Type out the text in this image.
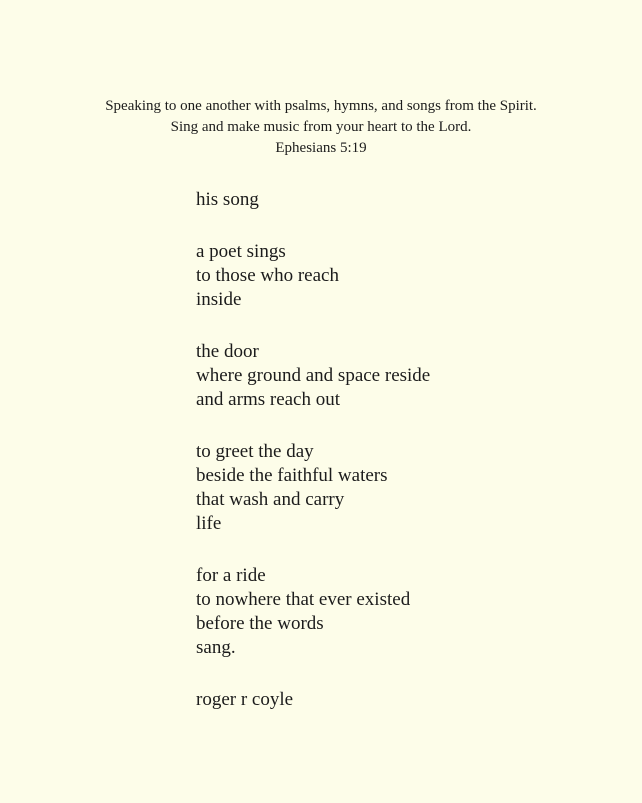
Speaking to one another with psalms, hymns, and songs from the Spirit.
Sing and make music from your heart to the Lord.
Ephesians 5:19
his song
a poet sings
to those who reach
inside
the door
where ground and space reside
and arms reach out
to greet the day
beside the faithful waters
that wash and carry
life
for a ride
to nowhere that ever existed
before the words
sang.
roger r coyle
